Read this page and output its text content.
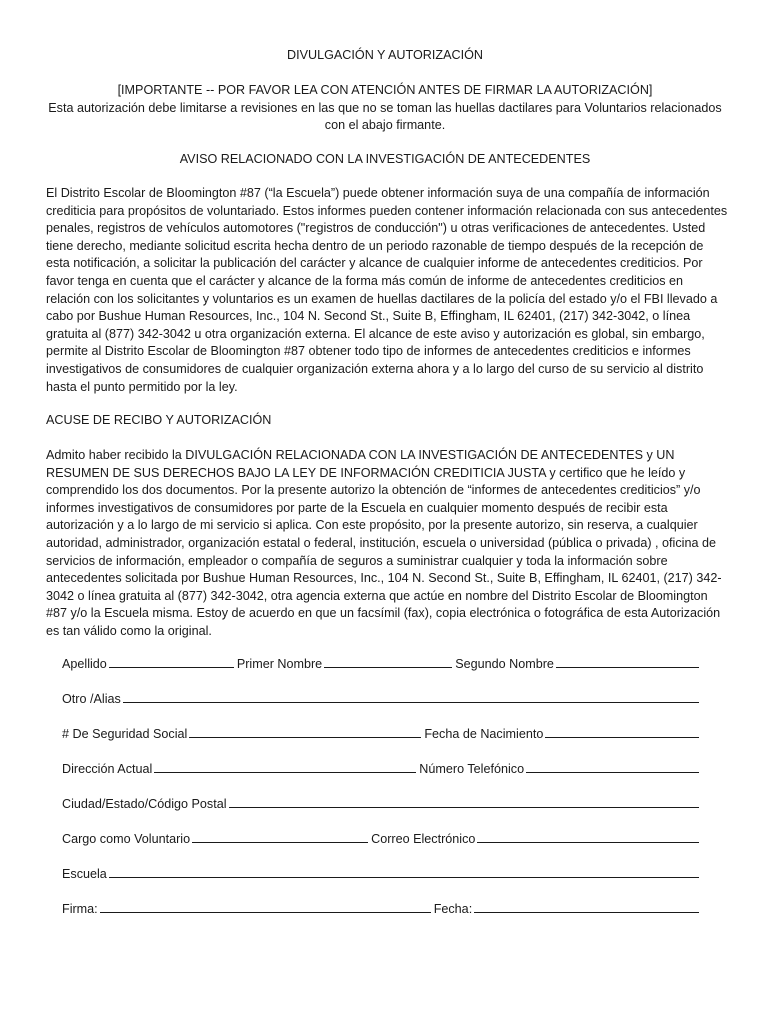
DIVULGACIÓN Y AUTORIZACIÓN
[IMPORTANTE -- POR FAVOR LEA CON ATENCIÓN ANTES DE FIRMAR LA AUTORIZACIÓN]
Esta autorización debe limitarse a revisiones en las que no se toman las huellas dactilares para Voluntarios relacionados con el abajo firmante.
AVISO RELACIONADO CON LA INVESTIGACIÓN DE ANTECEDENTES
El Distrito Escolar de Bloomington #87 (“la Escuela”) puede obtener información suya de una compañía de información crediticia para propósitos de voluntariado. Estos informes pueden contener información relacionada con sus antecedentes penales, registros de vehículos automotores ("registros de conducción") u otras verificaciones de antecedentes. Usted tiene derecho, mediante solicitud escrita hecha dentro de un periodo razonable de tiempo después de la recepción de esta notificación, a solicitar la publicación del carácter y alcance de cualquier informe de antecedentes crediticios. Por favor tenga en cuenta que el carácter y alcance de la forma más común de informe de antecedentes crediticios en relación con los solicitantes y voluntarios es un examen de huellas dactilares de la policía del estado y/o el FBI llevado a cabo por Bushue Human Resources, Inc., 104 N. Second St., Suite B, Effingham, IL 62401, (217) 342-3042, o línea gratuita al (877) 342-3042 u otra organización externa. El alcance de este aviso y autorización es global, sin embargo, permite al Distrito Escolar de Bloomington #87 obtener todo tipo de informes de antecedentes crediticios e informes investigativos de consumidores de cualquier organización externa ahora y a lo largo del curso de su servicio al distrito hasta el punto permitido por la ley.
ACUSE DE RECIBO Y AUTORIZACIÓN
Admito haber recibido la DIVULGACIÓN RELACIONADA CON LA INVESTIGACIÓN DE ANTECEDENTES y UN RESUMEN DE SUS DERECHOS BAJO LA LEY DE INFORMACIÓN CREDITICIA JUSTA y certifico que he leído y comprendido los dos documentos. Por la presente autorizo la obtención de “informes de antecedentes crediticios” y/o informes investigativos de consumidores por parte de la Escuela en cualquier momento después de recibir esta autorización y a lo largo de mi servicio si aplica. Con este propósito, por la presente autorizo, sin reserva, a cualquier autoridad, administrador, organización estatal o federal, institución, escuela o universidad (pública o privada) , oficina de servicios de información, empleador o compañía de seguros a suministrar cualquier y toda la información sobre antecedentes solicitada por Bushue Human Resources, Inc., 104 N. Second St., Suite B, Effingham, IL 62401, (217) 342-3042 o línea gratuita al (877) 342-3042, otra agencia externa que actúe en nombre del Distrito Escolar de Bloomington #87 y/o la Escuela misma. Estoy de acuerdo en que un facsímil (fax), copia electrónica o fotográfica de esta Autorización es tan válido como la original.
Apellido	Primer Nombre	Segundo Nombre
Otro /Alias
# De Seguridad Social	Fecha de Nacimiento
Dirección Actual	Número Telefónico
Ciudad/Estado/Código Postal
Cargo como Voluntario	Correo Electrónico
Escuela
Firma:	Fecha:
